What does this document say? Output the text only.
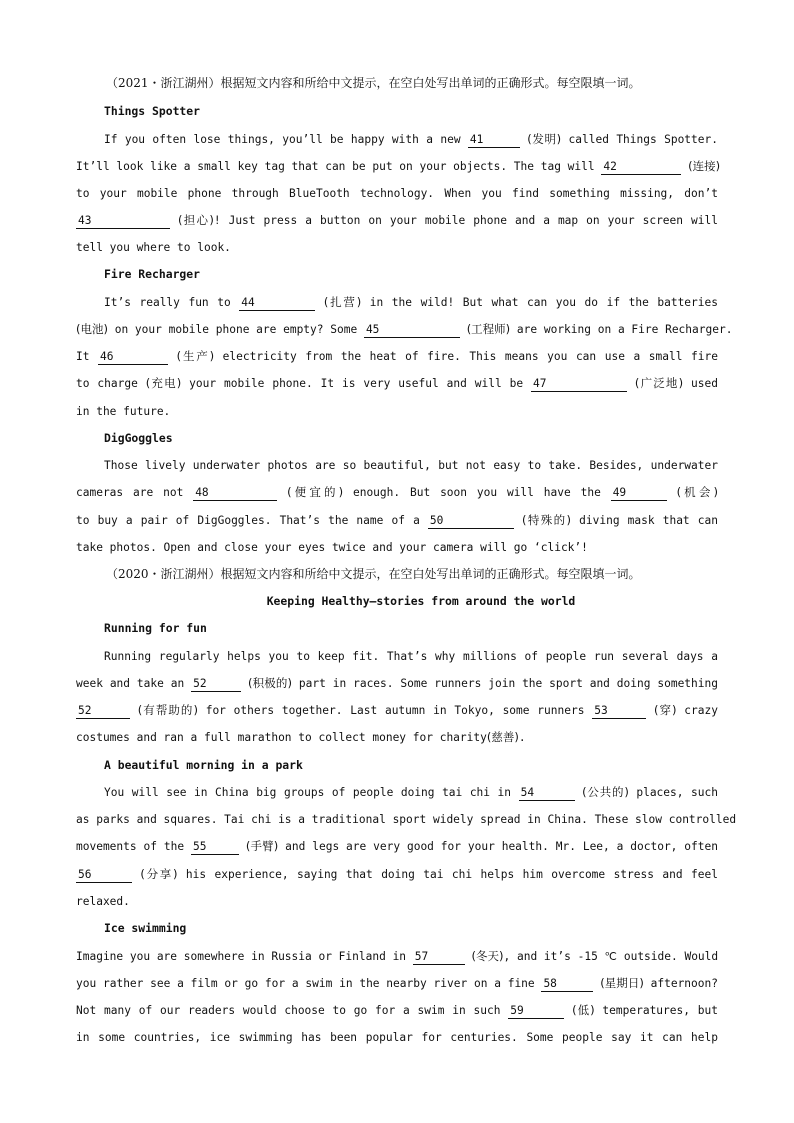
（2021・浙江湖州）根据短文内容和所给中文提示，在空白处写出单词的正确形式。每空限填一词。
Things Spotter
If you often lose things, you’ll be happy with a new 41	(发明) called Things Spotter.
It’ll look like a small key tag that can be put on your objects. The tag will 42	(连接)
to your mobile phone through BlueTooth technology. When you find something missing, don’t
43	(担心)! Just press a button on your mobile phone and a map on your screen will
tell you where to look.
Fire Recharger
It’s really fun to 44	(扎营) in the wild! But what can you do if the batteries
(电池) on your mobile phone are empty? Some 45	(工程师) are working on a Fire Recharger.
It 46	(生产) electricity from the heat of fire. This means you can use a small fire
to charge (充电) your mobile phone. It is very useful and will be 47	(广泛地) used
in the future.
DigGoggles
Those lively underwater photos are so beautiful, but not easy to take. Besides, underwater
cameras are not 48	(便宜的) enough. But soon you will have the 49	(机会)
to buy a pair of DigGoggles. That’s the name of a 50	(特殊的) diving mask that can
take photos. Open and close your eyes twice and your camera will go ‘click’!
（2020・浙江湖州）根据短文内容和所给中文提示，在空白处写出单词的正确形式。每空限填一词。
Keeping Healthy—stories from around the world
Running for fun
Running regularly helps you to keep fit. That’s why millions of people run several days a
week and take an 52	(积极的) part in races. Some runners join the sport and doing something
52	(有帮助的) for others together. Last autumn in Tokyo, some runners 53	(穿) crazy
costumes and ran a full marathon to collect money for charity(慈善).
A beautiful morning in a park
You will see in China big groups of people doing tai chi in 54	(公共的) places, such
as parks and squares. Tai chi is a traditional sport widely spread in China. These slow controlled
movements of the 55	(手臂) and legs are very good for your health. Mr. Lee, a doctor, often
56	(分享) his experience, saying that doing tai chi helps him overcome stress and feel
relaxed.
Ice swimming
Imagine you are somewhere in Russia or Finland in 57	(冬天), and it’s -15 ℃ outside. Would
you rather see a film or go for a swim in the nearby river on a fine 58	(星期日) afternoon?
Not many of our readers would choose to go for a swim in such 59	(低) temperatures, but
in some countries, ice swimming has been popular for centuries. Some people say it can help
